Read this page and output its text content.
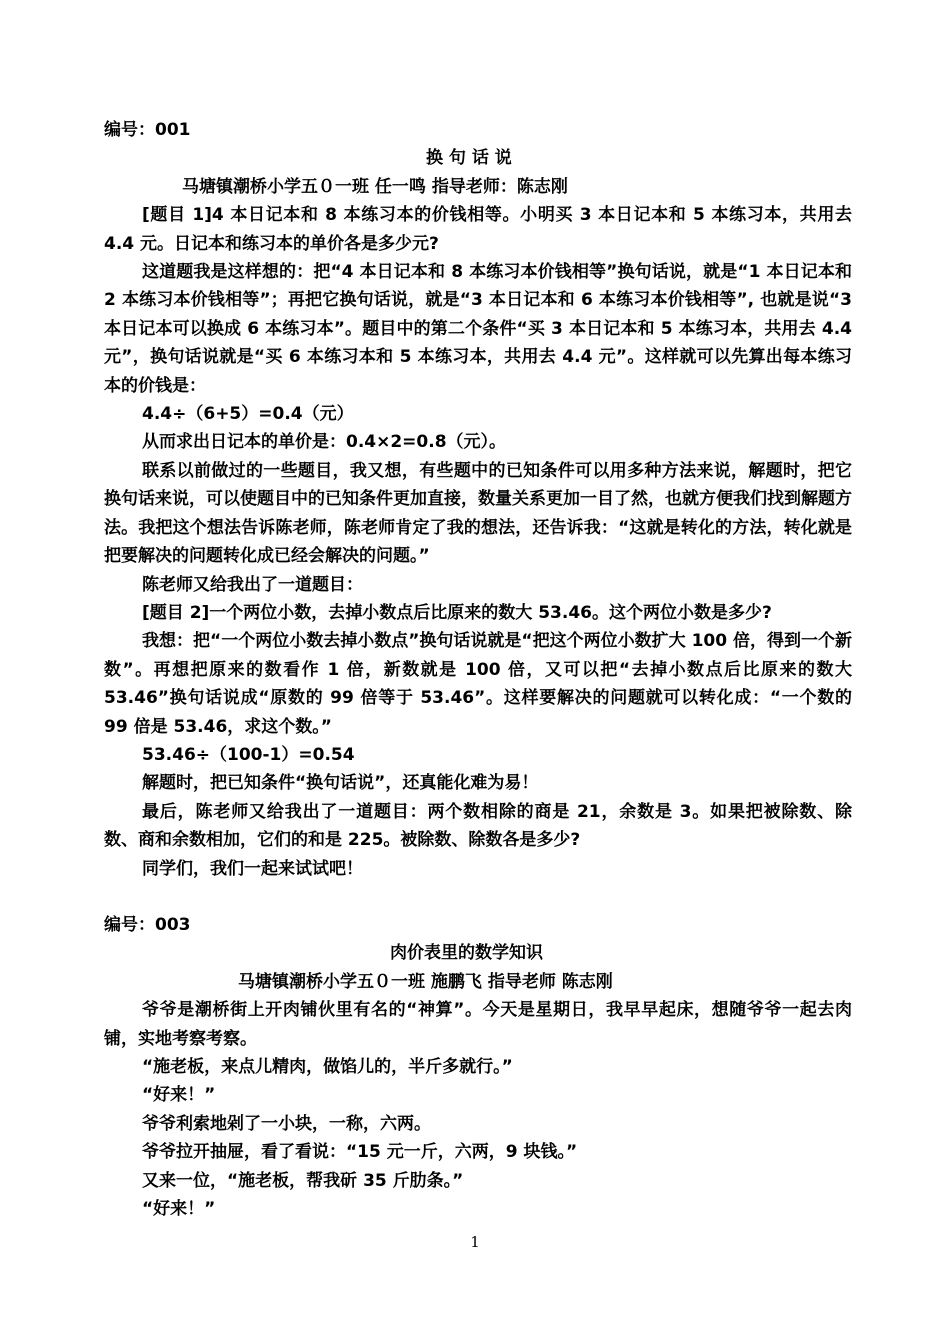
编号：001
换 句 话 说
马塘镇潮桥小学五０一班 任一鸣 指导老师：陈志刚
[题目 1]4 本日记本和 8 本练习本的价钱相等。小明买 3 本日记本和 5 本练习本，共用去 4.4 元。日记本和练习本的单价各是多少元?
这道题我是这样想的：把“4 本日记本和 8 本练习本价钱相等”换句话说，就是“1 本日记本和 2 本练习本价钱相等”；再把它换句话说，就是“3 本日记本和 6 本练习本价钱相等”, 也就是说“3 本日记本可以换成 6 本练习本”。题目中的第二个条件“买 3 本日记本和 5 本练习本，共用去 4.4 元”，换句话说就是“买 6 本练习本和 5 本练习本，共用去 4.4 元”。这样就可以先算出每本练习本的价钱是：
4.4÷（6+5）=0.4（元）
从而求出日记本的单价是：0.4×2=0.8（元）。
联系以前做过的一些题目，我又想，有些题中的已知条件可以用多种方法来说，解题时，把它换句话来说，可以使题目中的已知条件更加直接，数量关系更加一目了然，也就方便我们找到解题方法。我把这个想法告诉陈老师，陈老师肯定了我的想法，还告诉我：“这就是转化的方法，转化就是把要解决的问题转化成已经会解决的问题。”
陈老师又给我出了一道题目：
[题目 2]一个两位小数，去掉小数点后比原来的数大 53.46。这个两位小数是多少?
我想：把“一个两位小数去掉小数点”换句话说就是“把这个两位小数扩大 100 倍，得到一个新数”。再想把原来的数看作 1 倍，新数就是 100 倍，又可以把“去掉小数点后比原来的数大 53.46”换句话说成“原数的 99 倍等于 53.46”。这样要解决的问题就可以转化成：“一个数的 99 倍是 53.46，求这个数。”
53.46÷（100-1）=0.54
解题时，把已知条件“换句话说”，还真能化难为易！
最后，陈老师又给我出了一道题目：两个数相除的商是 21，余数是 3。如果把被除数、除数、商和余数相加，它们的和是 225。被除数、除数各是多少?
同学们，我们一起来试试吧！
编号：003
肉价表里的数学知识
马塘镇潮桥小学五０一班 施鹏飞 指导老师 陈志刚
爷爷是潮桥街上开肉铺伙里有名的“神算”。今天是星期日，我早早起床，想随爷爷一起去肉铺，实地考察考察。
“施老板，来点儿精肉，做馅儿的，半斤多就行。”
“好来！”
爷爷利索地剁了一小块，一称，六两。
爷爷拉开抽屉，看了看说：“15 元一斤，六两，9 块钱。”
又来一位，“施老板，帮我斫 35 斤肋条。”
“好来！”
1
